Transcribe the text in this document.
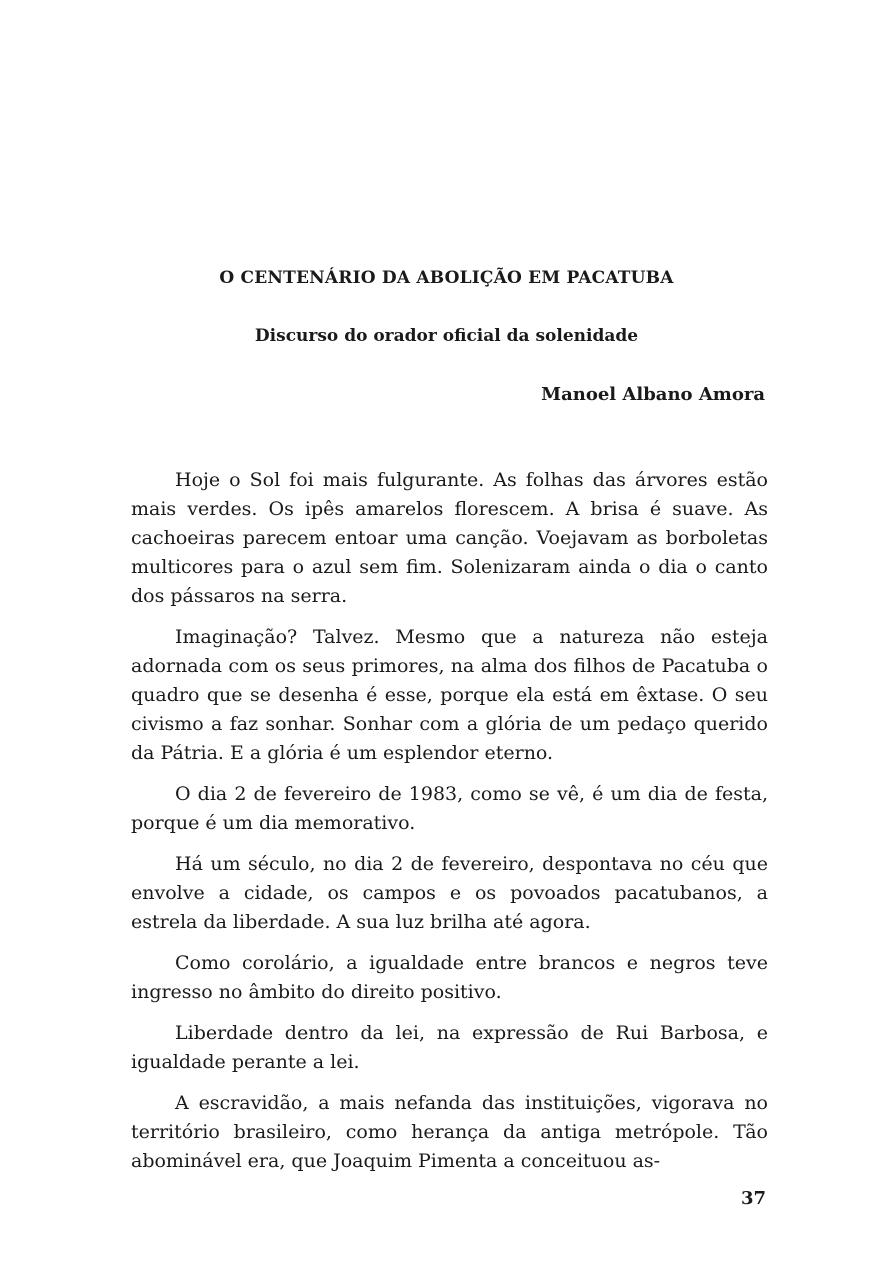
O CENTENÁRIO DA ABOLIÇÃO EM PACATUBA
Discurso do orador oficial da solenidade
Manoel Albano Amora

Hoje o Sol foi mais fulgurante. As folhas das árvores estão mais verdes. Os ipês amarelos florescem. A brisa é suave. As cachoeiras parecem entoar uma canção. Voejavam as borboletas multicores para o azul sem fim. Solenizaram ainda o dia o canto dos pássaros na serra.

Imaginação? Talvez. Mesmo que a natureza não esteja adornada com os seus primores, na alma dos filhos de Pacatuba o quadro que se desenha é esse, porque ela está em êxtase. O seu civismo a faz sonhar. Sonhar com a glória de um pedaço querido da Pátria. E a glória é um esplendor eterno.

O dia 2 de fevereiro de 1983, como se vê, é um dia de festa, porque é um dia memorativo.

Há um século, no dia 2 de fevereiro, despontava no céu que envolve a cidade, os campos e os povoados pacatubanos, a estrela da liberdade. A sua luz brilha até agora.

Como corolário, a igualdade entre brancos e negros teve ingresso no âmbito do direito positivo.

Liberdade dentro da lei, na expressão de Rui Barbosa, e igualdade perante a lei.

A escravidão, a mais nefanda das instituições, vigorava no território brasileiro, como herança da antiga metrópole. Tão abominável era, que Joaquim Pimenta a conceituou as-

37
